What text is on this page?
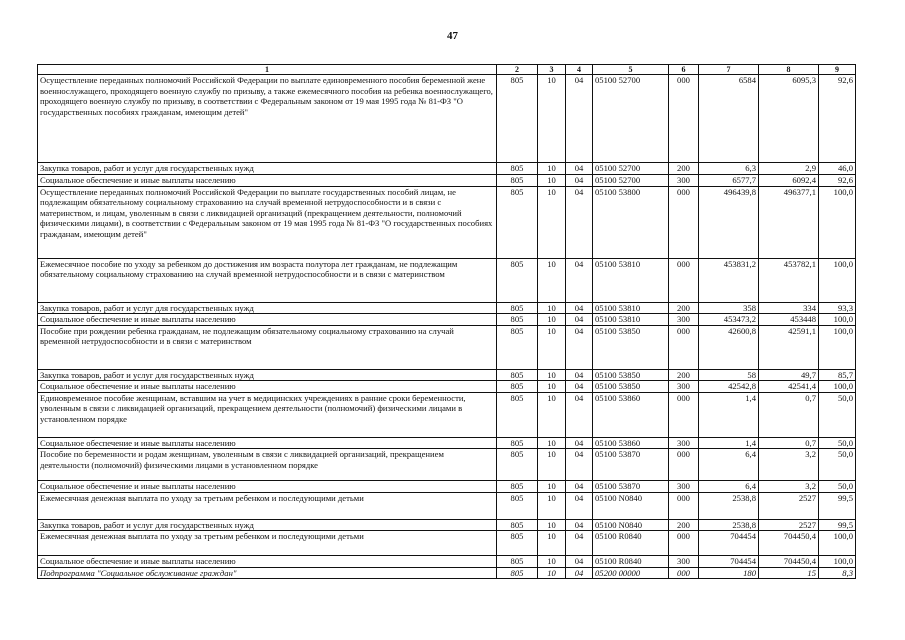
47
1	2	3	4	5	6	7	8	9
Осуществление переданных полномочий Российской Федерации по выплате единовременного пособия беременной жене военнослужащего, проходящего военную службу по призыву, а также ежемесячного пособия на ребенка военнослужащего, проходящего военную службу по призыву, в соответствии с Федеральным законом от 19 мая 1995 года № 81-ФЗ "О государственных пособиях гражданам, имеющим детей"	805	10	04	05100 52700	000	6584	6095,3	92,6
Закупка товаров, работ и услуг для государственных нужд	805	10	04	05100 52700	200	6,3	2,9	46,0
Социальное обеспечение и иные выплаты населению	805	10	04	05100 52700	300	6577,7	6092,4	92,6
Осуществление переданных полномочий Российской Федерации по выплате государственных пособий лицам, не подлежащим обязательному социальному страхованию на случай временной нетрудоспособности и в связи с материнством, и лицам, уволенным в связи с ликвидацией организаций (прекращением деятельности, полномочий физическими лицами), в соответствии с Федеральным законом от 19 мая 1995 года № 81-ФЗ "О государственных пособиях гражданам, имеющим детей"	805	10	04	05100 53800	000	496439,8	496377,1	100,0
Ежемесячное пособие по уходу за ребенком до достижения им возраста полутора лет гражданам, не подлежащим обязательному социальному страхованию на случай временной нетрудоспособности и в связи с материнством	805	10	04	05100 53810	000	453831,2	453782,1	100,0
Закупка товаров, работ и услуг для государственных нужд	805	10	04	05100 53810	200	358	334	93,3
Социальное обеспечение и иные выплаты населению	805	10	04	05100 53810	300	453473,2	453448	100,0
Пособие при рождении ребенка гражданам, не подлежащим обязательному социальному страхованию на случай временной нетрудоспособности и в связи с материнством	805	10	04	05100 53850	000	42600,8	42591,1	100,0
Закупка товаров, работ и услуг для государственных нужд	805	10	04	05100 53850	200	58	49,7	85,7
Социальное обеспечение и иные выплаты населению	805	10	04	05100 53850	300	42542,8	42541,4	100,0
Единовременное пособие женщинам, вставшим на учет в медицинских учреждениях в ранние сроки беременности, уволенным в связи с ликвидацией организаций, прекращением деятельности (полномочий) физическими лицами в установленном порядке	805	10	04	05100 53860	000	1,4	0,7	50,0
Социальное обеспечение и иные выплаты населению	805	10	04	05100 53860	300	1,4	0,7	50,0
Пособие по беременности и родам женщинам, уволенным в связи с ликвидацией организаций, прекращением деятельности (полномочий) физическими лицами в установленном порядке	805	10	04	05100 53870	000	6,4	3,2	50,0
Социальное обеспечение и иные выплаты населению	805	10	04	05100 53870	300	6,4	3,2	50,0
Ежемесячная денежная выплата по уходу за третьим ребенком и последующими детьми	805	10	04	05100 N0840	000	2538,8	2527	99,5
Закупка товаров, работ и услуг для государственных нужд	805	10	04	05100 N0840	200	2538,8	2527	99,5
Ежемесячная денежная выплата по уходу за третьим ребенком и последующими детьми	805	10	04	05100 R0840	000	704454	704450,4	100,0
Социальное обеспечение и иные выплаты населению	805	10	04	05100 R0840	300	704454	704450,4	100,0
Подпрограмма "Социальное обслуживание граждан"	805	10	04	05200 00000	000	180	15	8,3
